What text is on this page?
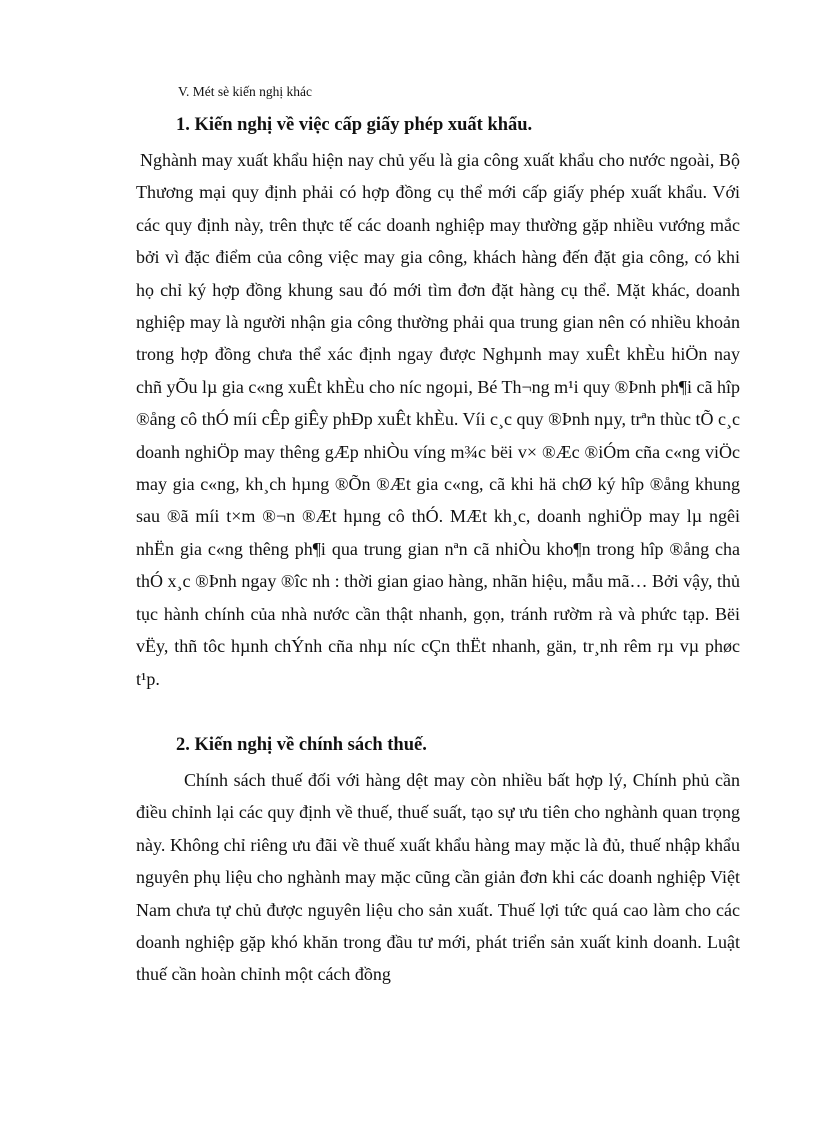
V. Mét sè kiến nghị khác

1. Kiến nghị về việc cấp giấy phép xuất khẩu.

Nghành may xuất khẩu hiện nay chủ yếu là gia công xuất khẩu cho nước ngoài, Bộ Thương mại quy định phải có hợp đồng cụ thể mới cấp giấy phép xuất khẩu. Với các quy định này, trên thực tế các doanh nghiệp may thường gặp nhiều vướng mắc bởi vì đặc điểm của công việc may gia công, khách hàng đến đặt gia công, có khi họ chỉ ký hợp đồng khung sau đó mới tìm đơn đặt hàng cụ thể. Mặt khác, doanh nghiệp may là người nhận gia công thường phải qua trung gian nên có nhiều khoản trong hợp đồng chưa thể xác định ngay được Nghµnh may xuÊt khÈu hiÖn nay chñ yÕu lµ gia c«ng xuÊt khÈu cho níc ngoµi, Bé Th¬ng m¹i quy ®Þnh ph¶i cã hîp ®ång cô thÓ míi cÊp giÊy phÐp xuÊt khÈu. Víi c¸c quy ®Þnh nµy, trªn thùc tÕ c¸c doanh nghiÖp may thêng gÆp nhiÒu víng m¾c bëi v× ®Æc ®iÓm cña c«ng viÖc may gia c«ng, kh¸ch hµng ®Õn ®Æt gia c«ng, cã khi hä chØ ký hîp ®ång khung sau ®ã míi t×m ®¬n ®Æt hµng cô thÓ. MÆt kh¸c, doanh nghiÖp may lµ ngêi nhËn gia c«ng thêng ph¶i qua trung gian nªn cã nhiÒu kho¶n trong hîp ®ång cha thÓ x¸c ®Þnh ngay ®îc nh : thời gian giao hàng, nhãn hiệu, mẫu mã… Bởi vậy, thủ tục hành chính của nhà nước cần thật nhanh, gọn, tránh rườm rà và phức tạp. Bëi vËy, thñ tôc hµnh chÝnh cña nhµ níc cÇn thËt nhanh, gän, tr¸nh rêm rµ vµ phøc t¹p.

2. Kiến nghị về chính sách thuế.

Chính sách thuế đối với hàng dệt may còn nhiều bất hợp lý, Chính phủ cần điều chỉnh lại các quy định về thuế, thuế suất, tạo sự ưu tiên cho nghành quan trọng này. Không chỉ riêng ưu đãi về thuế xuất khẩu hàng may mặc là đủ, thuế nhập khẩu nguyên phụ liệu cho nghành may mặc cũng cần giản đơn khi các doanh nghiệp Việt Nam chưa tự chủ được nguyên liệu cho sản xuất. Thuế lợi tức quá cao làm cho các doanh nghiệp gặp khó khăn trong đầu tư mới, phát triển sản xuất kinh doanh. Luật thuế cần hoàn chỉnh một cách đồng
